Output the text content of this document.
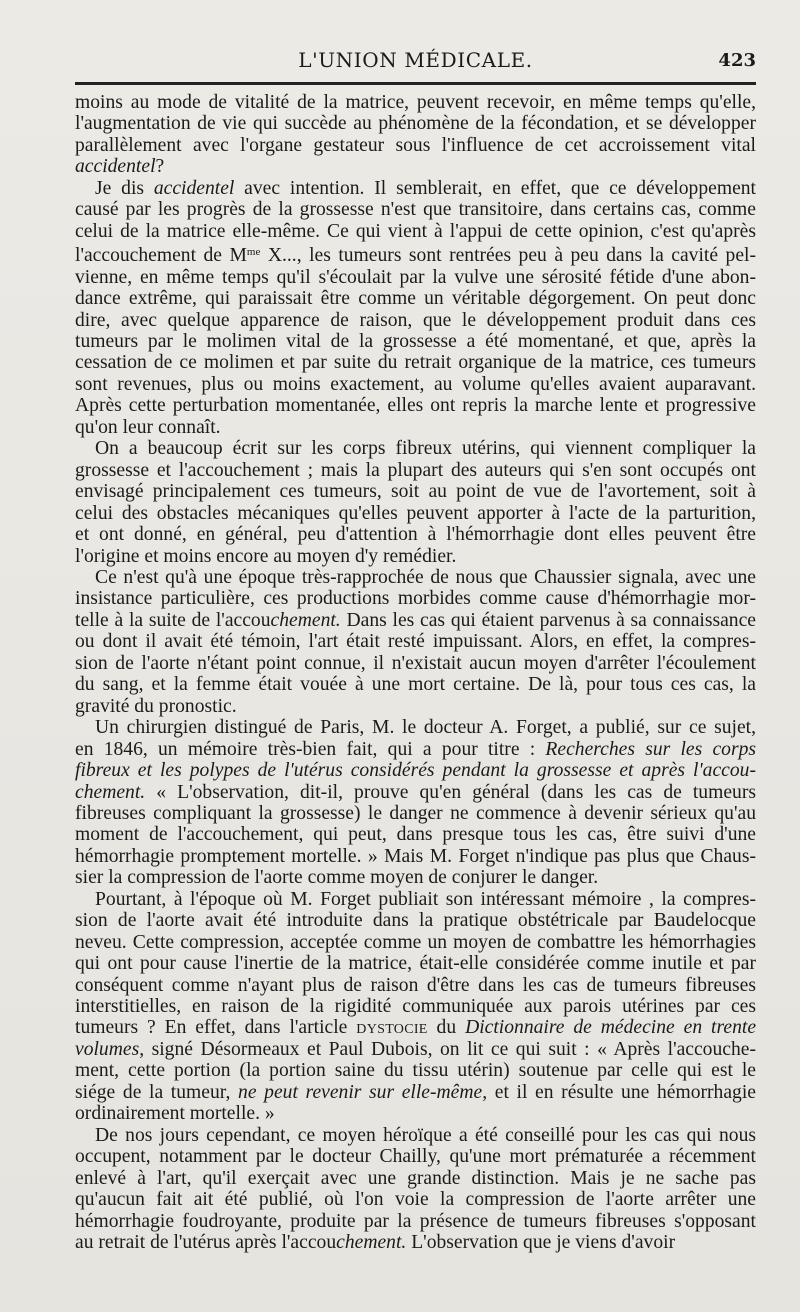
L'UNION MÉDICALE.	423

moins au mode de vitalité de la matrice, peuvent recevoir, en même temps qu'elle,
l'augmentation de vie qui succède au phénomène de la fécondation, et se développer
parallèlement avec l'organe gestateur sous l'influence de cet accroissement vital
accidentel?

Je dis accidentel avec intention. Il semblerait, en effet, que ce développement
causé par les progrès de la grossesse n'est que transitoire, dans certains cas, comme
celui de la matrice elle-même. Ce qui vient à l'appui de cette opinion, c'est qu'après
l'accouchement de $M^{me}$ X..., les tumeurs sont rentrées peu à peu dans la cavité pel-
vienne, en même temps qu'il s'écoulait par la vulve une sérosité fétide d'une abon-
dance extrême, qui paraissait être comme un véritable dégorgement. On peut donc
dire, avec quelque apparence de raison, que le développement produit dans ces
tumeurs par le molimen vital de la grossesse a été momentané, et que, après la
cessation de ce molimen et par suite du retrait organique de la matrice, ces tumeurs
sont revenues, plus ou moins exactement, au volume qu'elles avaient auparavant.
Après cette perturbation momentanée, elles ont repris la marche lente et progressive
qu'on leur connaît.

On a beaucoup écrit sur les corps fibreux utérins, qui viennent compliquer la
grossesse et l'accouchement ; mais la plupart des auteurs qui s'en sont occupés ont
envisagé principalement ces tumeurs, soit au point de vue de l'avortement, soit à
celui des obstacles mécaniques qu'elles peuvent apporter à l'acte de la parturition,
et ont donné, en général, peu d'attention à l'hémorrhagie dont elles peuvent être
l'origine et moins encore au moyen d'y remédier.

Ce n'est qu'à une époque très-rapprochée de nous que Chaussier signala, avec une
insistance particulière, ces productions morbides comme cause d'hémorrhagie mor-
telle à la suite de l'accouchement. Dans les cas qui étaient parvenus à sa connaissance
ou dont il avait été témoin, l'art était resté impuissant. Alors, en effet, la compres-
sion de l'aorte n'étant point connue, il n'existait aucun moyen d'arrêter l'écoulement
du sang, et la femme était vouée à une mort certaine. De là, pour tous ces cas, la
gravité du pronostic.

Un chirurgien distingué de Paris, M. le docteur A. Forget, a publié, sur ce sujet,
en 1846, un mémoire très-bien fait, qui a pour titre : Recherches sur les corps
fibreux et les polypes de l'utérus considérés pendant la grossesse et après l'accou-
chement. « L'observation, dit-il, prouve qu'en général (dans les cas de tumeurs
fibreuses compliquant la grossesse) le danger ne commence à devenir sérieux qu'au
moment de l'accouchement, qui peut, dans presque tous les cas, être suivi d'une
hémorrhagie promptement mortelle. » Mais M. Forget n'indique pas plus que Chaus-
sier la compression de l'aorte comme moyen de conjurer le danger.

Pourtant, à l'époque où M. Forget publiait son intéressant mémoire , la compres-
sion de l'aorte avait été introduite dans la pratique obstétricale par Baudelocque
neveu. Cette compression, acceptée comme un moyen de combattre les hémorrhagies
qui ont pour cause l'inertie de la matrice, était-elle considérée comme inutile et par
conséquent comme n'ayant plus de raison d'être dans les cas de tumeurs fibreuses
interstitielles, en raison de la rigidité communiquée aux parois utérines par ces
tumeurs ? En effet, dans l'article dystocie du Dictionnaire de médecine en trente
volumes, signé Désormeaux et Paul Dubois, on lit ce qui suit : « Après l'accouche-
ment, cette portion (la portion saine du tissu utérin) soutenue par celle qui est le
siége de la tumeur, ne peut revenir sur elle-même, et il en résulte une hémorrhagie
ordinairement mortelle. »

De nos jours cependant, ce moyen héroïque a été conseillé pour les cas qui nous
occupent, notamment par le docteur Chailly, qu'une mort prématurée a récemment
enlevé à l'art, qu'il exerçait avec une grande distinction. Mais je ne sache pas
qu'aucun fait ait été publié, où l'on voie la compression de l'aorte arrêter une
hémorrhagie foudroyante, produite par la présence de tumeurs fibreuses s'opposant
au retrait de l'utérus après l'accouchement. L'observation que je viens d'avoir
